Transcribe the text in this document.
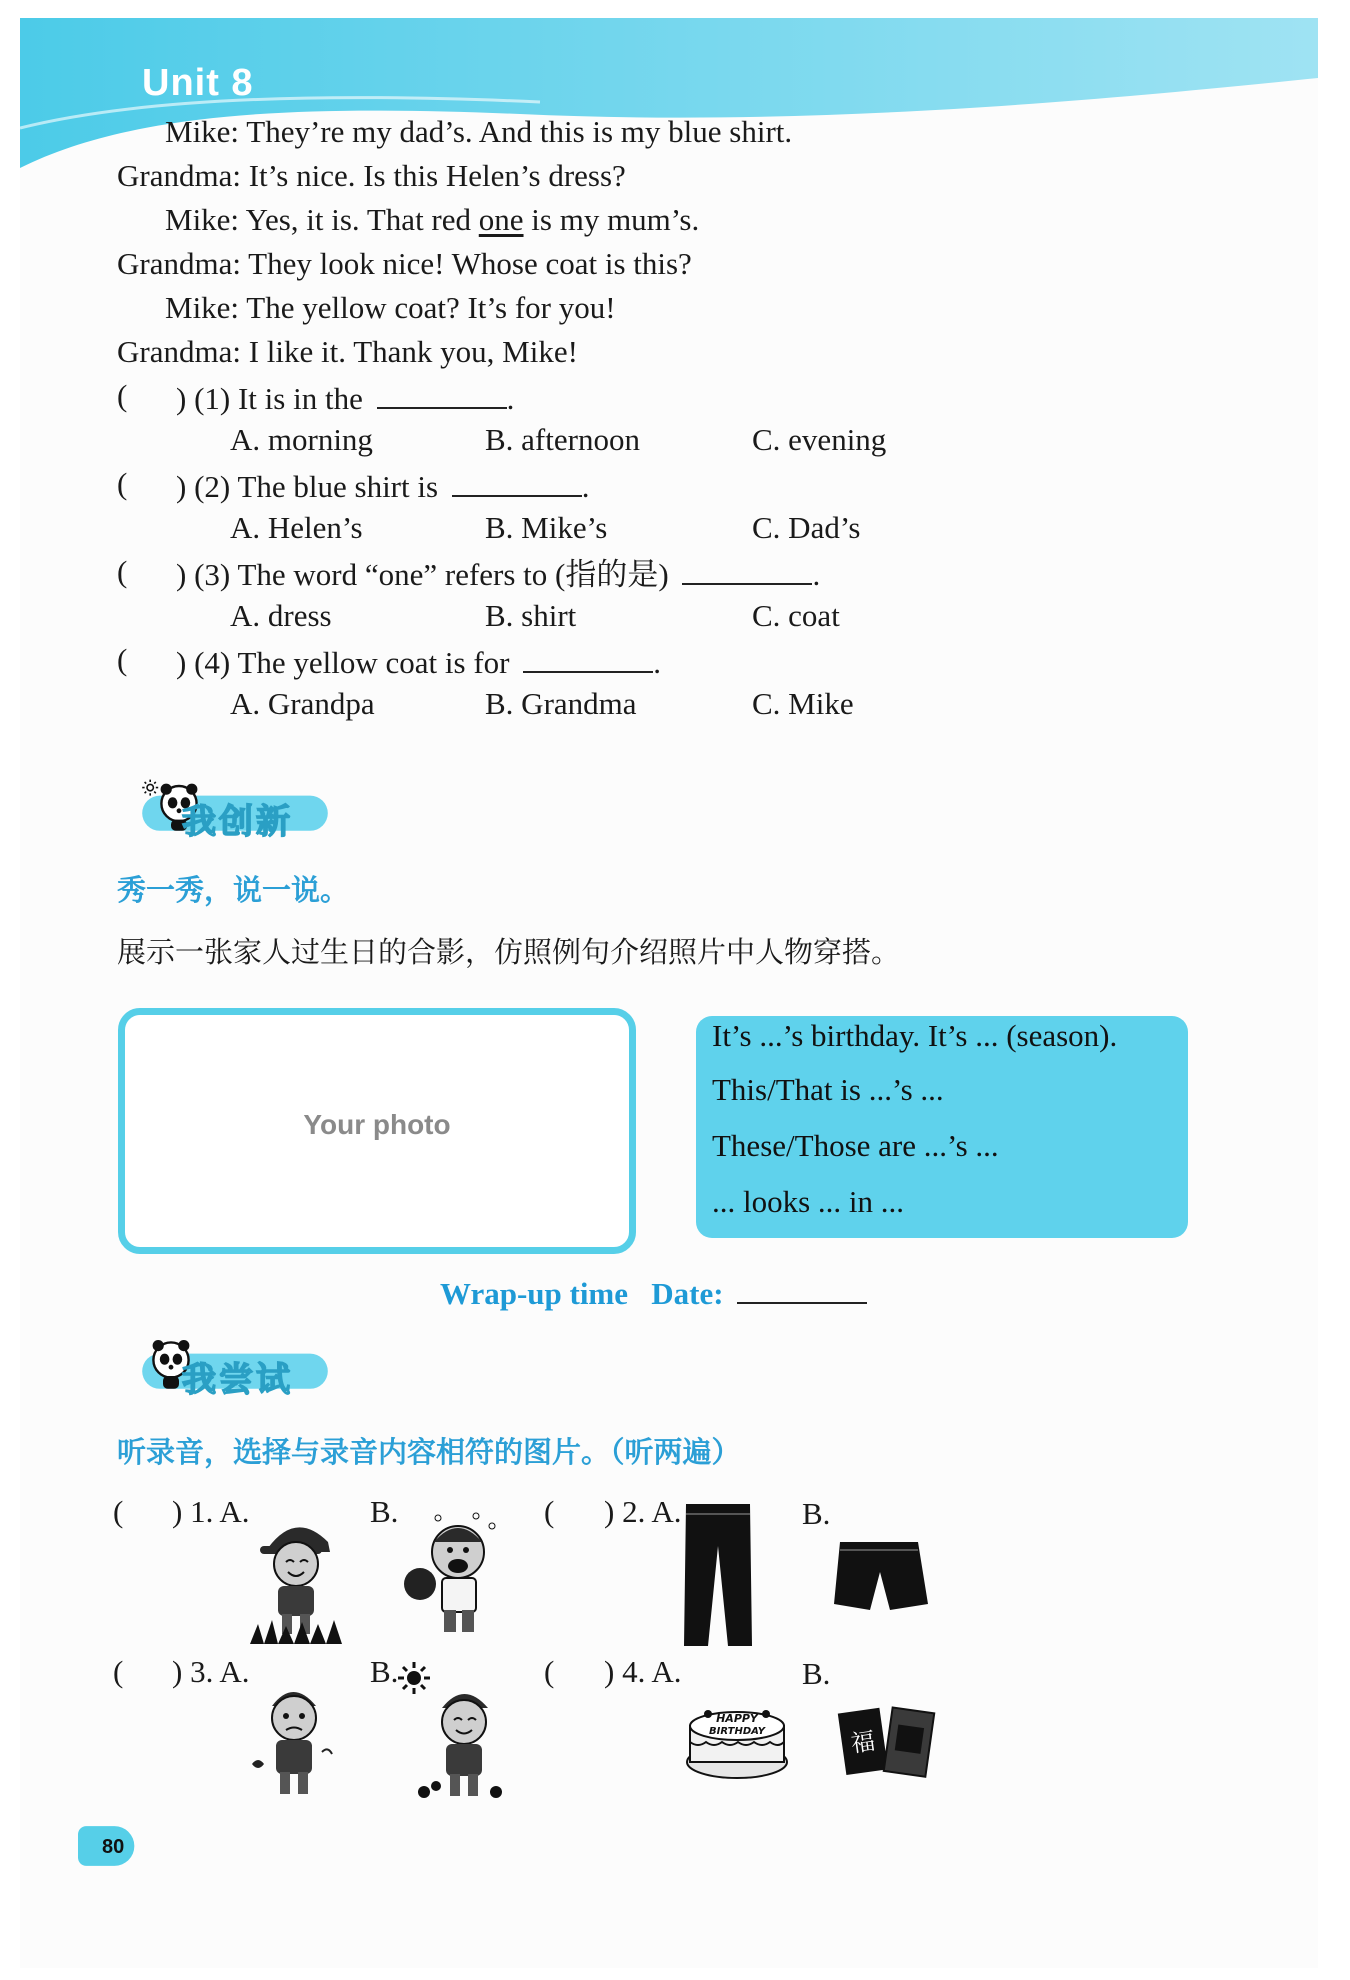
Unit 8
Mike: They’re my dad’s. And this is my blue shirt.
Grandma: It’s nice. Is this Helen’s dress?
Mike: Yes, it is. That red one is my mum’s.
Grandma: They look nice! Whose coat is this?
Mike: The yellow coat? It’s for you!
Grandma: I like it. Thank you, Mike!
( ) (1) It is in the	.
A. morning	B. afternoon	C. evening
( ) (2) The blue shirt is	.
A. Helen’s	B. Mike’s	C. Dad’s
( ) (3) The word “one” refers to (指的是)	.
A. dress	B. shirt	C. coat
( ) (4) The yellow coat is for	.
A. Grandpa	B. Grandma	C. Mike
我创新
秀一秀，说一说。
展示一张家人过生日的合影，仿照例句介绍照片中人物穿搭。
Your photo
It’s ...’s birthday. It’s ... (season).
This/That is ...’s ...
These/Those are ...’s ...
... looks ... in ...
Wrap-up time Date:
我尝试
听录音，选择与录音内容相符的图片。（听两遍）
( ) 1. A.	B.	( ) 2. A.	B.
( ) 3. A.	B.	( ) 4. A.
HAPPY
BIRTHDAY
B.
福
80
